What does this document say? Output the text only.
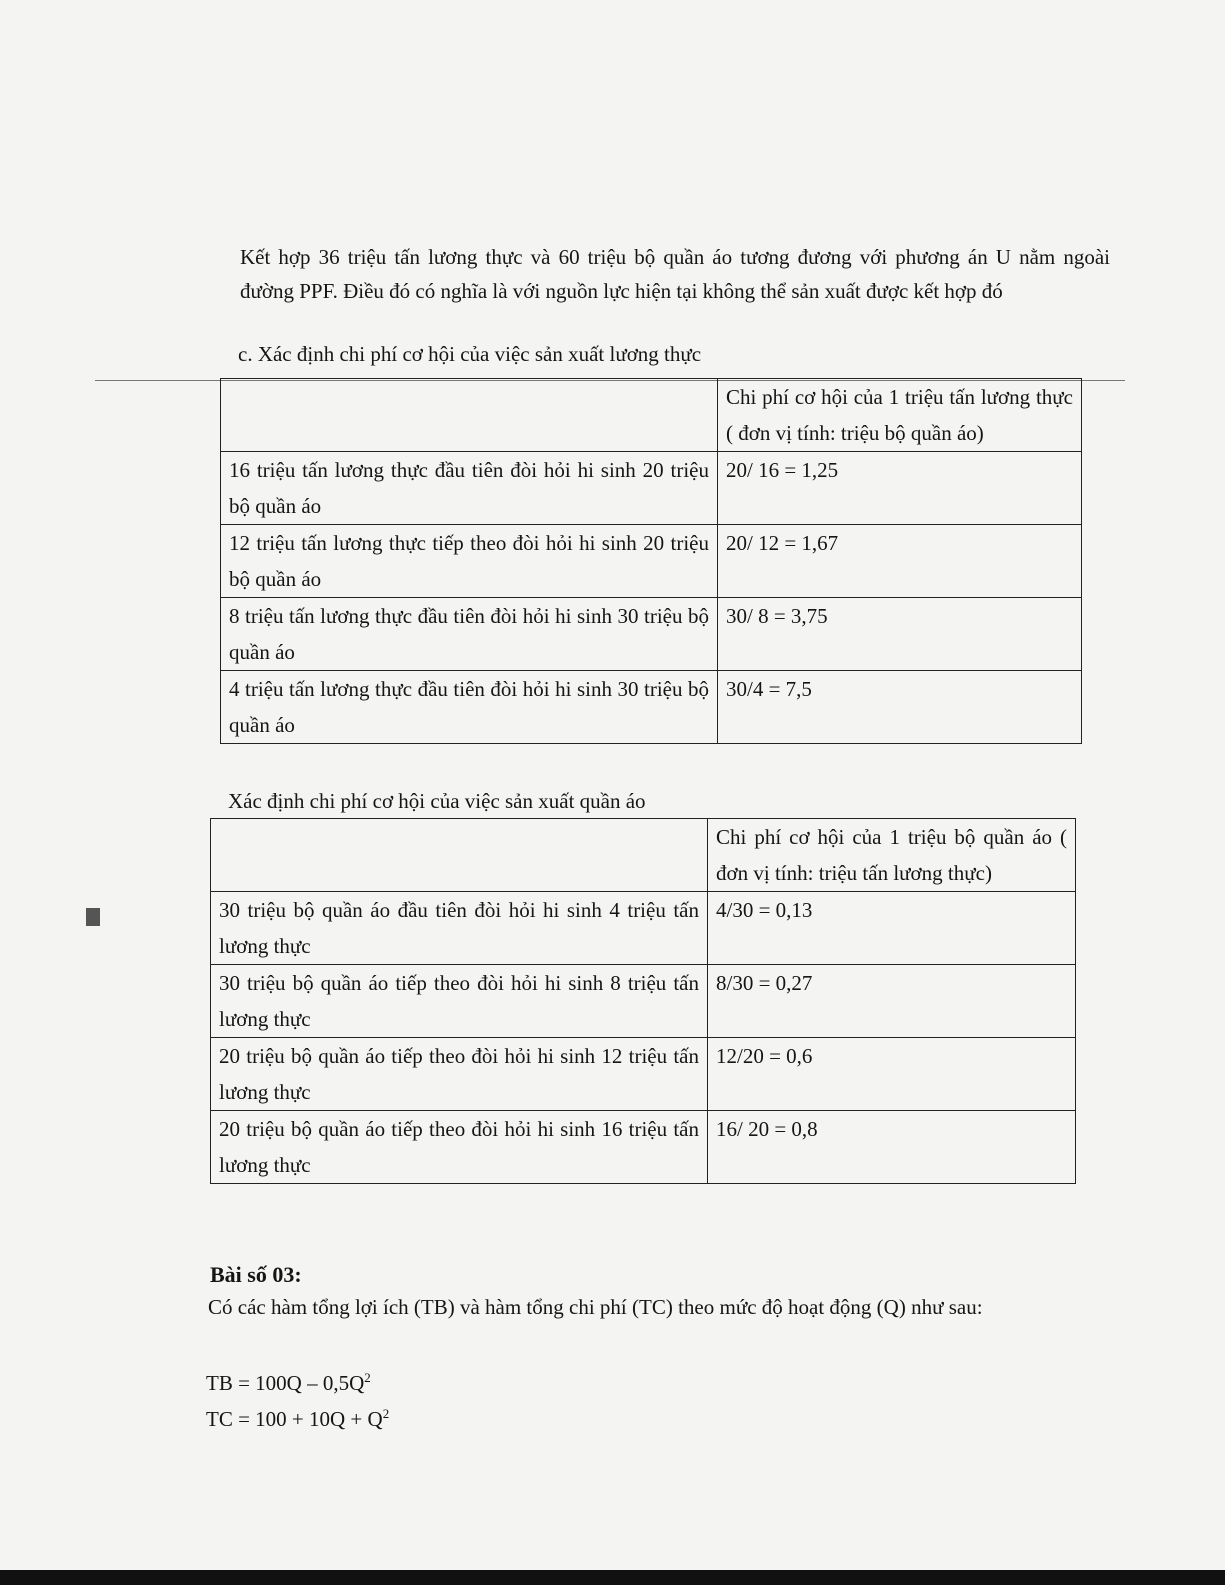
Kết hợp 36 triệu tấn lương thực và 60 triệu bộ quần áo tương đương với phương án U nằm ngoài đường PPF. Điều đó có nghĩa là với nguồn lực hiện tại không thể sản xuất được kết hợp đó
c. Xác định chi phí cơ hội của việc sản xuất lương thực
	Chi phí cơ hội của 1 triệu tấn lương thực ( đơn vị tính: triệu bộ quần áo)
16 triệu tấn lương thực đầu tiên đòi hỏi hi sinh 20 triệu bộ quần áo	20/ 16 = 1,25
12 triệu tấn lương thực tiếp theo đòi hỏi hi sinh 20 triệu bộ quần áo	20/ 12 = 1,67
8 triệu tấn lương thực đầu tiên đòi hỏi hi sinh 30 triệu bộ quần áo	30/ 8 = 3,75
4 triệu tấn lương thực đầu tiên đòi hỏi hi sinh 30 triệu bộ quần áo	30/4 = 7,5
Xác định chi phí cơ hội của việc sản xuất quần áo
	Chi phí cơ hội của 1 triệu bộ quần áo ( đơn vị tính: triệu tấn lương thực)
30 triệu bộ quần áo đầu tiên đòi hỏi hi sinh 4 triệu tấn lương thực	4/30 = 0,13
30 triệu bộ quần áo tiếp theo đòi hỏi hi sinh 8 triệu tấn lương thực	8/30 = 0,27
20 triệu bộ quần áo tiếp theo đòi hỏi hi sinh 12 triệu tấn lương thực	12/20 = 0,6
20 triệu bộ quần áo tiếp theo đòi hỏi hi sinh 16 triệu tấn lương thực	16/ 20 = 0,8
Bài số 03:
Có các hàm tổng lợi ích (TB) và hàm tổng chi phí (TC) theo mức độ hoạt động (Q) như sau:
TB = $100Q - 0,5Q^2$
TC = $100 + 10Q + Q^2$
